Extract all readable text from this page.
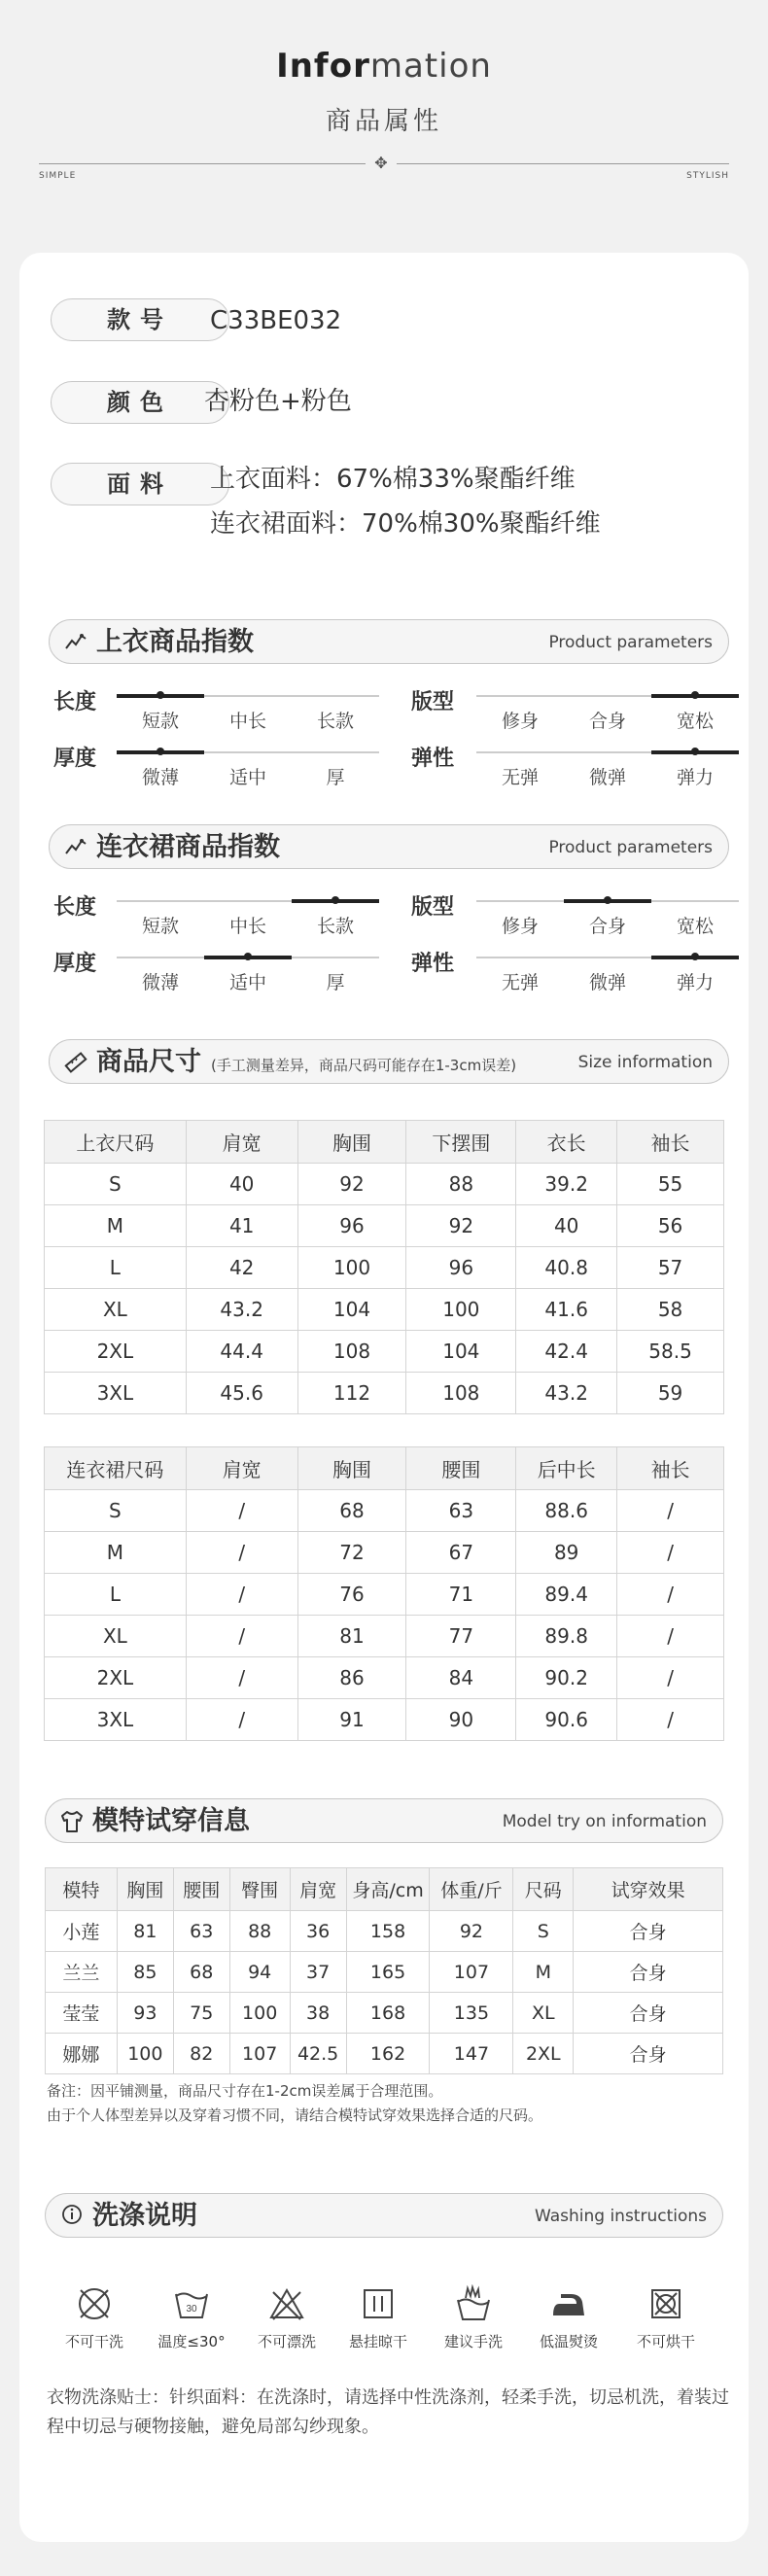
Information
商品属性
✥
SIMPLE	STYLISH
款号	C33BE032
颜色	杏粉色+粉色
面料	上衣面料：67%棉33%聚酯纤维
连衣裙面料：70%棉30%聚酯纤维
上衣商品指数	Product parameters
长度
短款	中长	长款
版型
修身	合身	宽松
厚度
微薄	适中	厚
弹性
无弹	微弹	弹力
连衣裙商品指数	Product parameters
长度
短款	中长	长款
版型
修身	合身	宽松
厚度
微薄	适中	厚
弹性
无弹	微弹	弹力
商品尺寸 (手工测量差异，商品尺码可能存在1-3cm误差)	Size information
上衣尺码	肩宽	胸围	下摆围	衣长	袖长
S	40	92	88	39.2	55
M	41	96	92	40	56
L	42	100	96	40.8	57
XL	43.2	104	100	41.6	58
2XL	44.4	108	104	42.4	58.5
3XL	45.6	112	108	43.2	59
连衣裙尺码	肩宽	胸围	腰围	后中长	袖长
S	/	68	63	88.6	/
M	/	72	67	89	/
L	/	76	71	89.4	/
XL	/	81	77	89.8	/
2XL	/	86	84	90.2	/
3XL	/	91	90	90.6	/
模特试穿信息	Model try on information
模特	胸围	腰围	臀围	肩宽	身高/cm	体重/斤	尺码	试穿效果
小莲	81	63	88	36	158	92	S	合身
兰兰	85	68	94	37	165	107	M	合身
莹莹	93	75	100	38	168	135	XL	合身
娜娜	100	82	107	42.5	162	147	2XL	合身
备注：因平铺测量，商品尺寸存在1-2cm误差属于合理范围。
由于个人体型差异以及穿着习惯不同，请结合模特试穿效果选择合适的尺码。
洗涤说明	Washing instructions
不可干洗
30
温度≤30°	不可漂洗	悬挂晾干	建议手洗	低温熨烫	不可烘干
衣物洗涤贴士：针织面料：在洗涤时，请选择中性洗涤剂，轻柔手洗，切忌机洗，着装过程中切忌与硬物接触，避免局部勾纱现象。
